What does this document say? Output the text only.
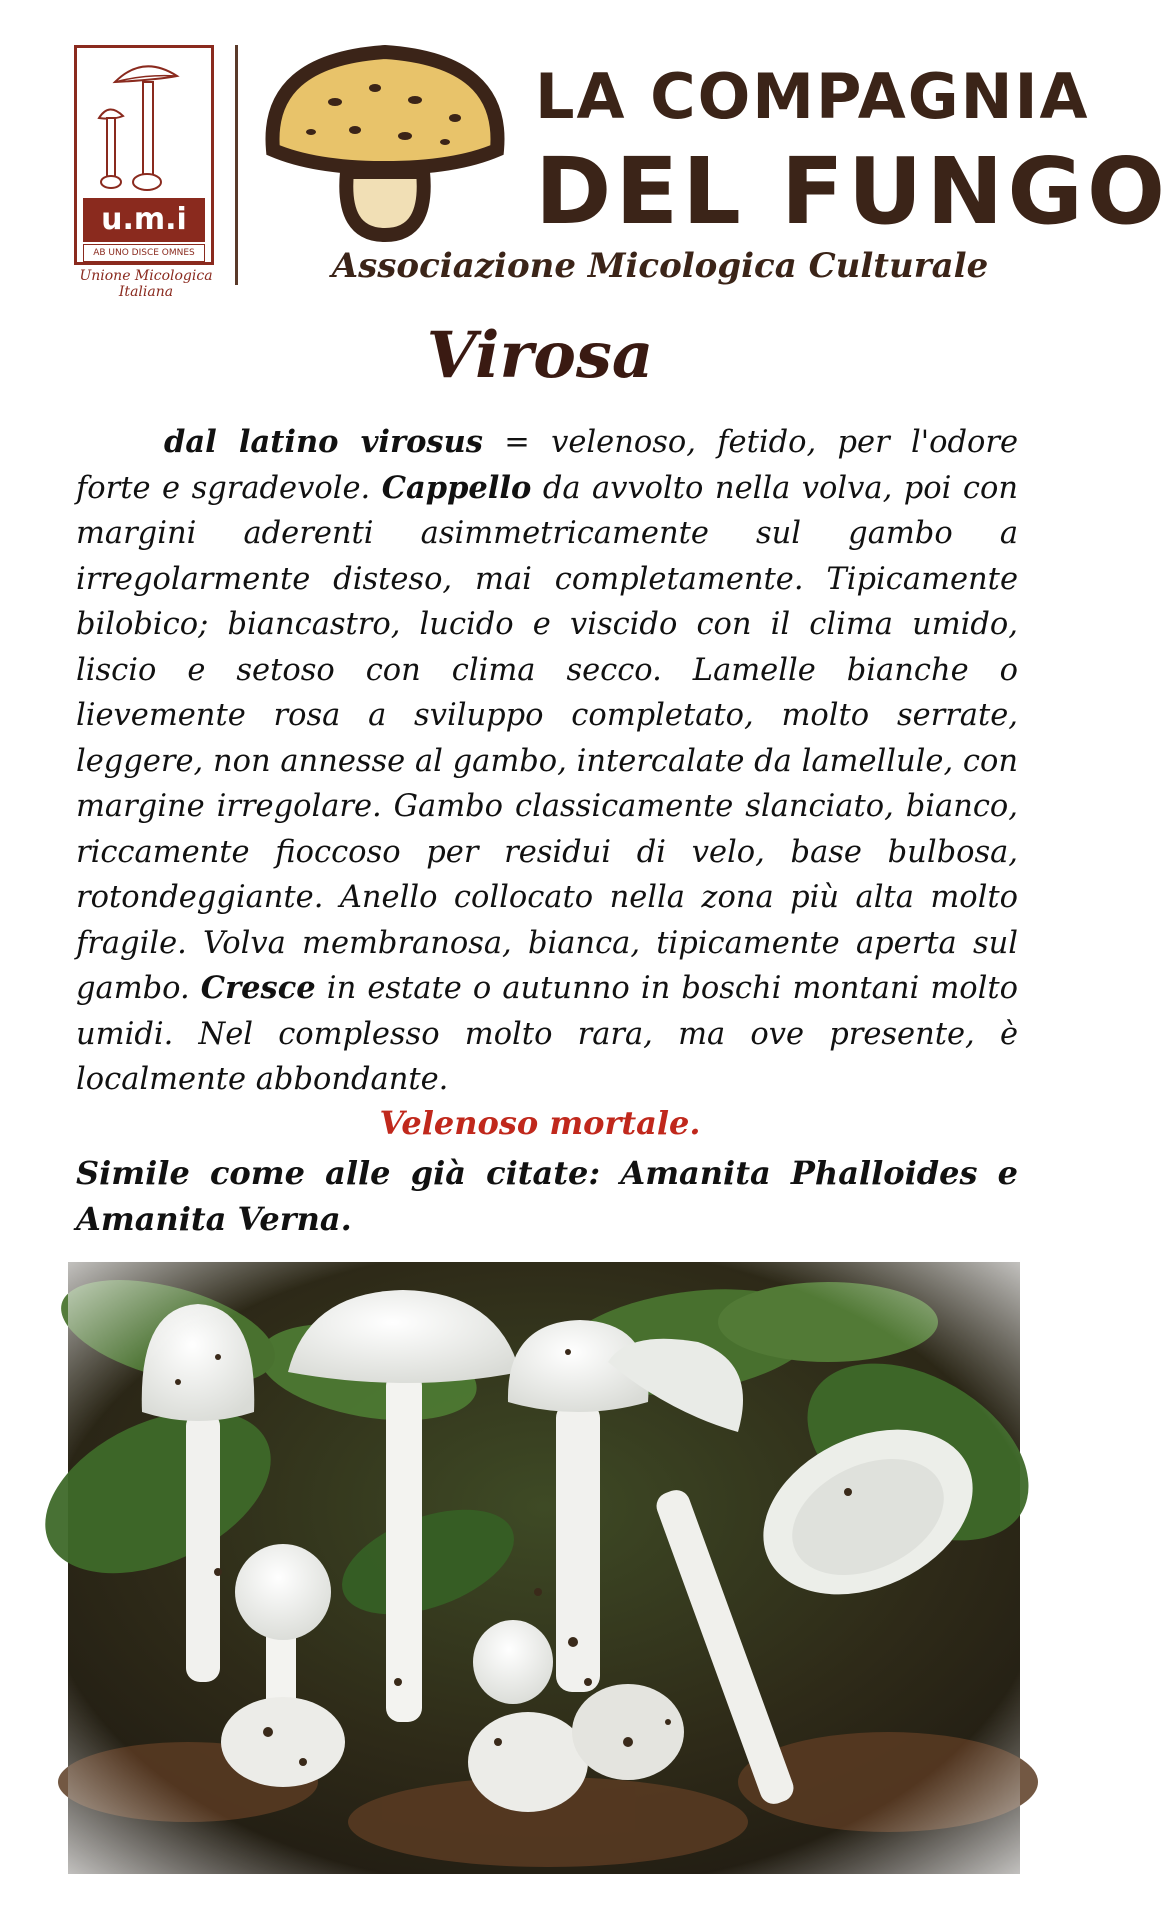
u.m.i
AB UNO DISCE OMNES
Unione Micologica Italiana
LA COMPAGNIA
DEL FUNGO
Associazione Micologica Culturale
Virosa
dal latino virosus = velenoso, fetido, per l'odore forte e sgradevole. Cappello da avvolto nella volva, poi con margini aderenti asimmetricamente sul gambo a irregolarmente disteso, mai completamente. Tipicamente bilobico; biancastro, lucido e viscido con il clima umido, liscio e setoso con clima secco. Lamelle bianche o lievemente rosa a sviluppo completato, molto serrate, leggere, non annesse al gambo, intercalate da lamellule, con margine irregolare. Gambo classicamente slanciato, bianco, riccamente fioccoso per residui di velo, base bulbosa, rotondeggiante. Anello collocato nella zona più alta molto fragile. Volva membranosa, bianca, tipicamente aperta sul gambo. Cresce in estate o autunno in boschi montani molto umidi. Nel complesso molto rara, ma ove presente, è localmente abbondante.
Velenoso mortale.
Simile come alle già citate: Amanita Phalloides e Amanita Verna.
